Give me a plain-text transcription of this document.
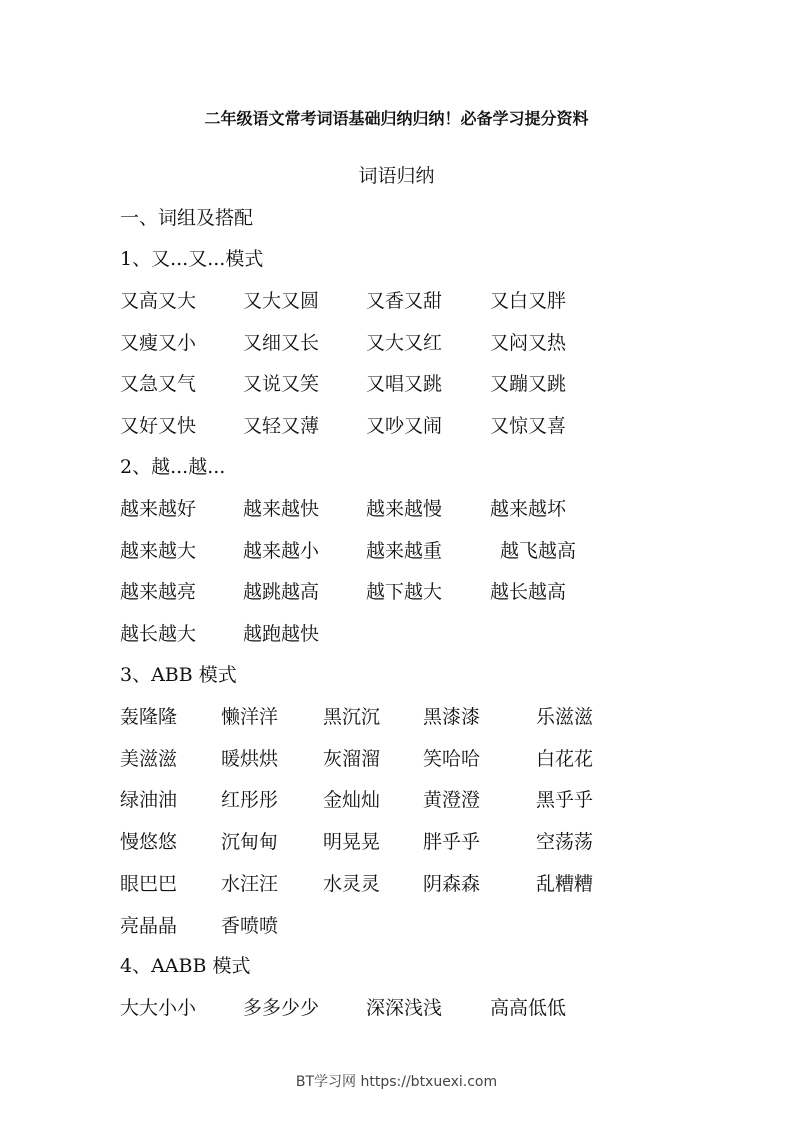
二年级语文常考词语基础归纳归纳！必备学习提分资料
词语归纳
一、词组及搭配
1、又...又...模式
又高又大 又大又圆 又香又甜	又白又胖
又瘦又小 又细又长 又大又红	又闷又热
又急又气 又说又笑 又唱又跳	又蹦又跳
又好又快 又轻又薄 又吵又闹	又惊又喜
2、越...越...
越来越好 越来越快 越来越慢	越来越坏
越来越大 越来越小 越来越重	越飞越高
越来越亮 越跳越高 越下越大	越长越高
越长越大 越跑越快
3、ABB 模式
轰隆隆 懒洋洋 黑沉沉 黑漆漆	乐滋滋
美滋滋 暖烘烘 灰溜溜 笑哈哈	白花花
绿油油 红彤彤 金灿灿 黄澄澄	黑乎乎
慢悠悠 沉甸甸 明晃晃 胖乎乎	空荡荡
眼巴巴 水汪汪 水灵灵 阴森森	乱糟糟
亮晶晶 香喷喷
4、AABB 模式
大大小小 多多少少 深深浅浅	高高低低
BT学习网 https://btxuexi.com
